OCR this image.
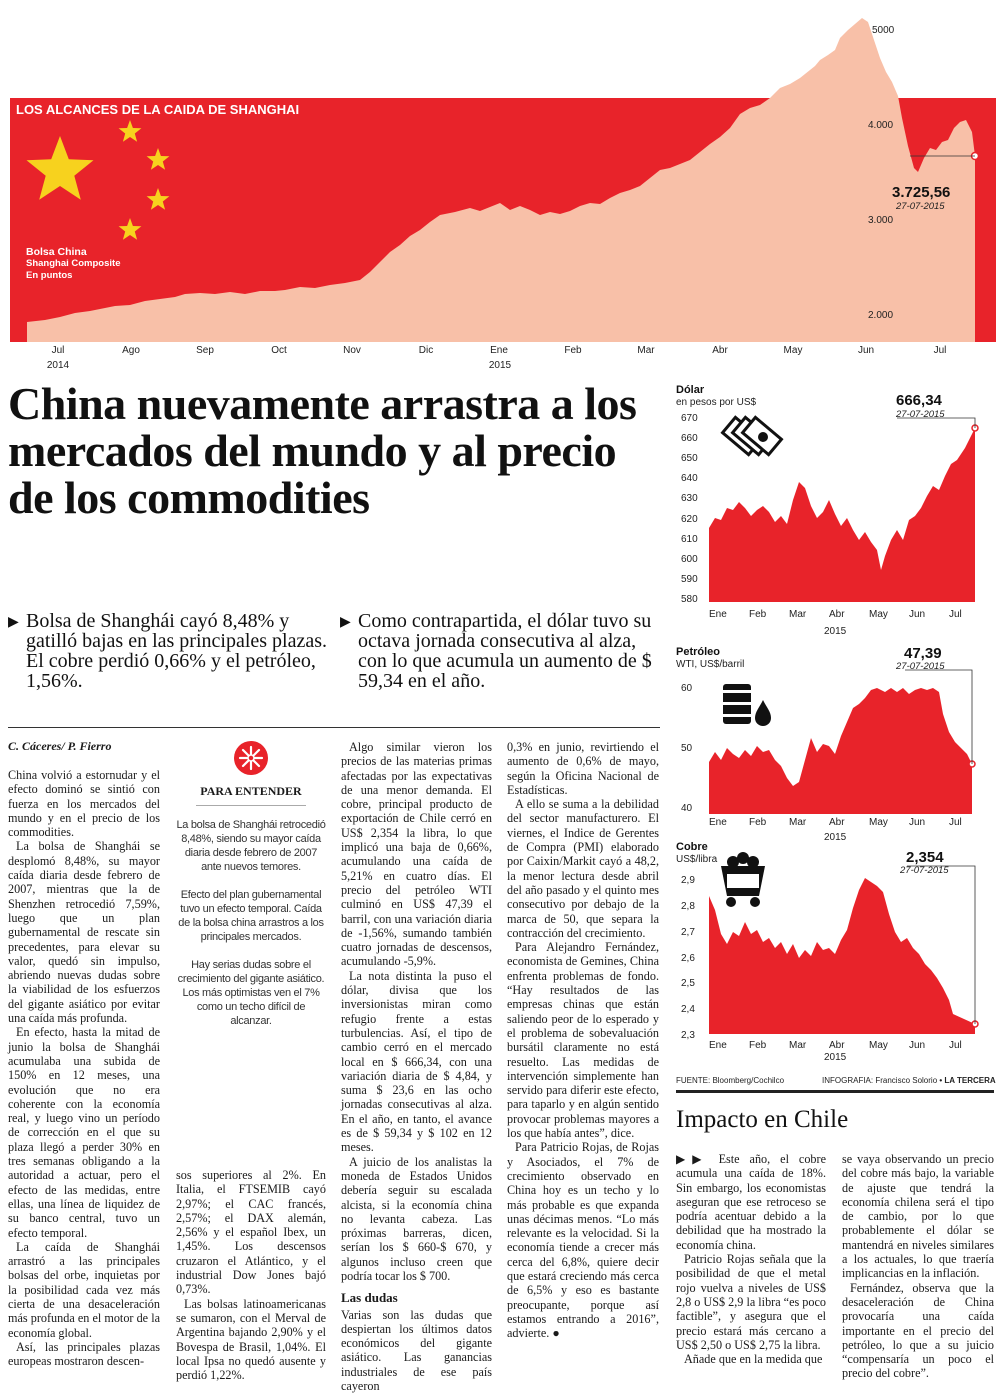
LOS ALCANCES DE LA CAIDA DE SHANGHAI
Bolsa China
Shanghai Composite
En puntos
5000
4.000
3.000
2.000
3.725,56
27-07-2015
Jul	Ago	Sep	Oct	Nov	Dic	Ene	Feb	Mar	Abr	May	Jun	Jul
2014	2015
China nuevamente arrastra a los mercados del mundo y al precio de los commodities
▶ Bolsa de Shanghái cayó 8,48% y gatilló bajas en las principales plazas. El cobre perdió 0,66% y el petróleo, 1,56%.
▶ Como contrapartida, el dólar tuvo su octava jornada consecutiva al alza, con lo que acumula un aumento de $ 59,34 en el año.
C. Cáceres/ P. Fierro

China volvió a estornudar y el efecto dominó se sintió con fuerza en los mercados del mundo y en el precio de los commodities.

La bolsa de Shanghái se desplomó 8,48%, su mayor caída diaria desde febrero de 2007, mientras que la de Shenzhen retrocedió 7,59%, luego que un plan gubernamental de rescate sin precedentes, para elevar su valor, quedó sin impulso, abriendo nuevas dudas sobre la viabilidad de los esfuerzos del gigante asiático por evitar una caída más profunda.

En efecto, hasta la mitad de junio la bolsa de Shanghái acumulaba una subida de 150% en 12 meses, una evolución que no era coherente con la economía real, y luego vino un período de corrección en el que su plaza llegó a perder 30% en tres semanas obligando a la autoridad a actuar, pero el efecto de las medidas, entre ellas, una línea de liquidez de su banco central, tuvo un efecto temporal.

La caída de Shanghái arrastró a las principales bolsas del orbe, inquietas por la posibilidad cada vez más cierta de una desaceleración más profunda en el motor de la economía global.

Así, las principales plazas europeas mostraron descen-

PARA ENTENDER

La bolsa de Shanghái retrocedió 8,48%, siendo su mayor caída diaria desde febrero de 2007 ante nuevos temores.

Efecto del plan gubernamental tuvo un efecto temporal. Caída de la bolsa china arrastros a los principales mercados.

Hay serias dudas sobre el crecimiento del gigante asiático. Los más optimistas ven el 7% como un techo difícil de alcanzar.

sos superiores al 2%. En Italia, el FTSEMIB cayó 2,97%; el CAC francés, 2,57%; el DAX alemán, 2,56% y el español Ibex, un 1,45%. Los descensos cruzaron el Atlántico, y el industrial Dow Jones bajó 0,73%.

Las bolsas latinoamericanas se sumaron, con el Merval de Argentina bajando 2,90% y el Bovespa de Brasil, 1,04%. El local Ipsa no quedó ausente y perdió 1,22%.

Algo similar vieron los precios de las materias primas afectadas por las expectativas de una menor demanda. El cobre, principal producto de exportación de Chile cerró en US$ 2,354 la libra, lo que implicó una baja de 0,66%, acumulando una caída de 5,21% en cuatro días. El precio del petróleo WTI culminó en US$ 47,39 el barril, con una variación diaria de -1,56%, sumando también cuatro jornadas de descensos, acumulando -5,9%.

La nota distinta la puso el dólar, divisa que los inversionistas miran como refugio frente a estas turbulencias. Así, el tipo de cambio cerró en el mercado local en $ 666,34, con una variación diaria de $ 4,84, y suma $ 23,6 en las ocho jornadas consecutivas al alza. En el año, en tanto, el avance es de $ 59,34 y $ 102 en 12 meses.

A juicio de los analistas la moneda de Estados Unidos debería seguir su escalada alcista, si la economía china no levanta cabeza. Las próximas barreras, dicen, serían los $ 660-$ 670, y algunos incluso creen que podría tocar los $ 700.

Las dudas

Varias son las dudas que despiertan los últimos datos económicos del gigante asiático. Las ganancias industriales de ese país cayeron

0,3% en junio, revirtiendo el aumento de 0,6% de mayo, según la Oficina Nacional de Estadísticas.

A ello se suma a la debilidad del sector manufacturero. El viernes, el Indice de Gerentes de Compra (PMI) elaborado por Caixin/Markit cayó a 48,2, la menor lectura desde abril del año pasado y el quinto mes consecutivo por debajo de la marca de 50, que separa la contracción del crecimiento.

Para Alejandro Fernández, economista de Gemines, China enfrenta problemas de fondo. “Hay resultados de las empresas chinas que están saliendo peor de lo esperado y el problema de sobevaluación bursátil claramente no está resuelto. Las medidas de intervención simplemente han servido para diferir este efecto, para taparlo y en algún sentido provocar problemas mayores a los que había antes”, dice.

Para Patricio Rojas, de Rojas y Asociados, el 7% de crecimiento observado en China hoy es un techo y lo más probable es que expanda unas décimas menos. “Lo más relevante es la velocidad. Si la economía tiende a crecer más cerca del 6,8%, quiere decir que estará creciendo más cerca de 6,5% y eso es bastante preocupante, porque así estamos entrando a 2016”, advierte. ●

Dólar
en pesos por US$	666,34
27-07-2015
670
660
650
640
630
620
610
600
590
580
Ene Feb Mar Abr May Jun Jul
2015
Petróleo
WTI, US$/barril
47,39
27-07-2015
60
50
40
Ene Feb Mar Abr May Jun Jul
2015
Cobre
US$/libra	2,354
27-07-2015
2,9
2,8
2,7
2,6
2,5
2,4
2,3
Ene Feb Mar Abr May Jun Jul
2015
FUENTE: Bloomberg/Cochilco	INFOGRAFIA: Francisco Solorio • LA TERCERA
Impacto en Chile

▶▶ Este año, el cobre acumula una caída de 18%. Sin embargo, los economistas aseguran que ese retroceso se podría acentuar debido a la debilidad que ha mostrado la economía china.

Patricio Rojas señala que la posibilidad de que el metal rojo vuelva a niveles de US$ 2,8 o US$ 2,9 la libra “es poco factible”, y asegura que el precio estará más cercano a US$ 2,50 o US$ 2,75 la libra.

Añade que en la medida que

se vaya observando un precio del cobre más bajo, la variable de ajuste que tendrá la economía chilena será el tipo de cambio, por lo que probablemente el dólar se mantendrá en niveles similares a los actuales, lo que traería implicancias en la inflación.

Fernández, observa que la desaceleración de China provocaría una caída importante en el precio del petróleo, lo que a su juicio “compensaría un poco el precio del cobre”.
